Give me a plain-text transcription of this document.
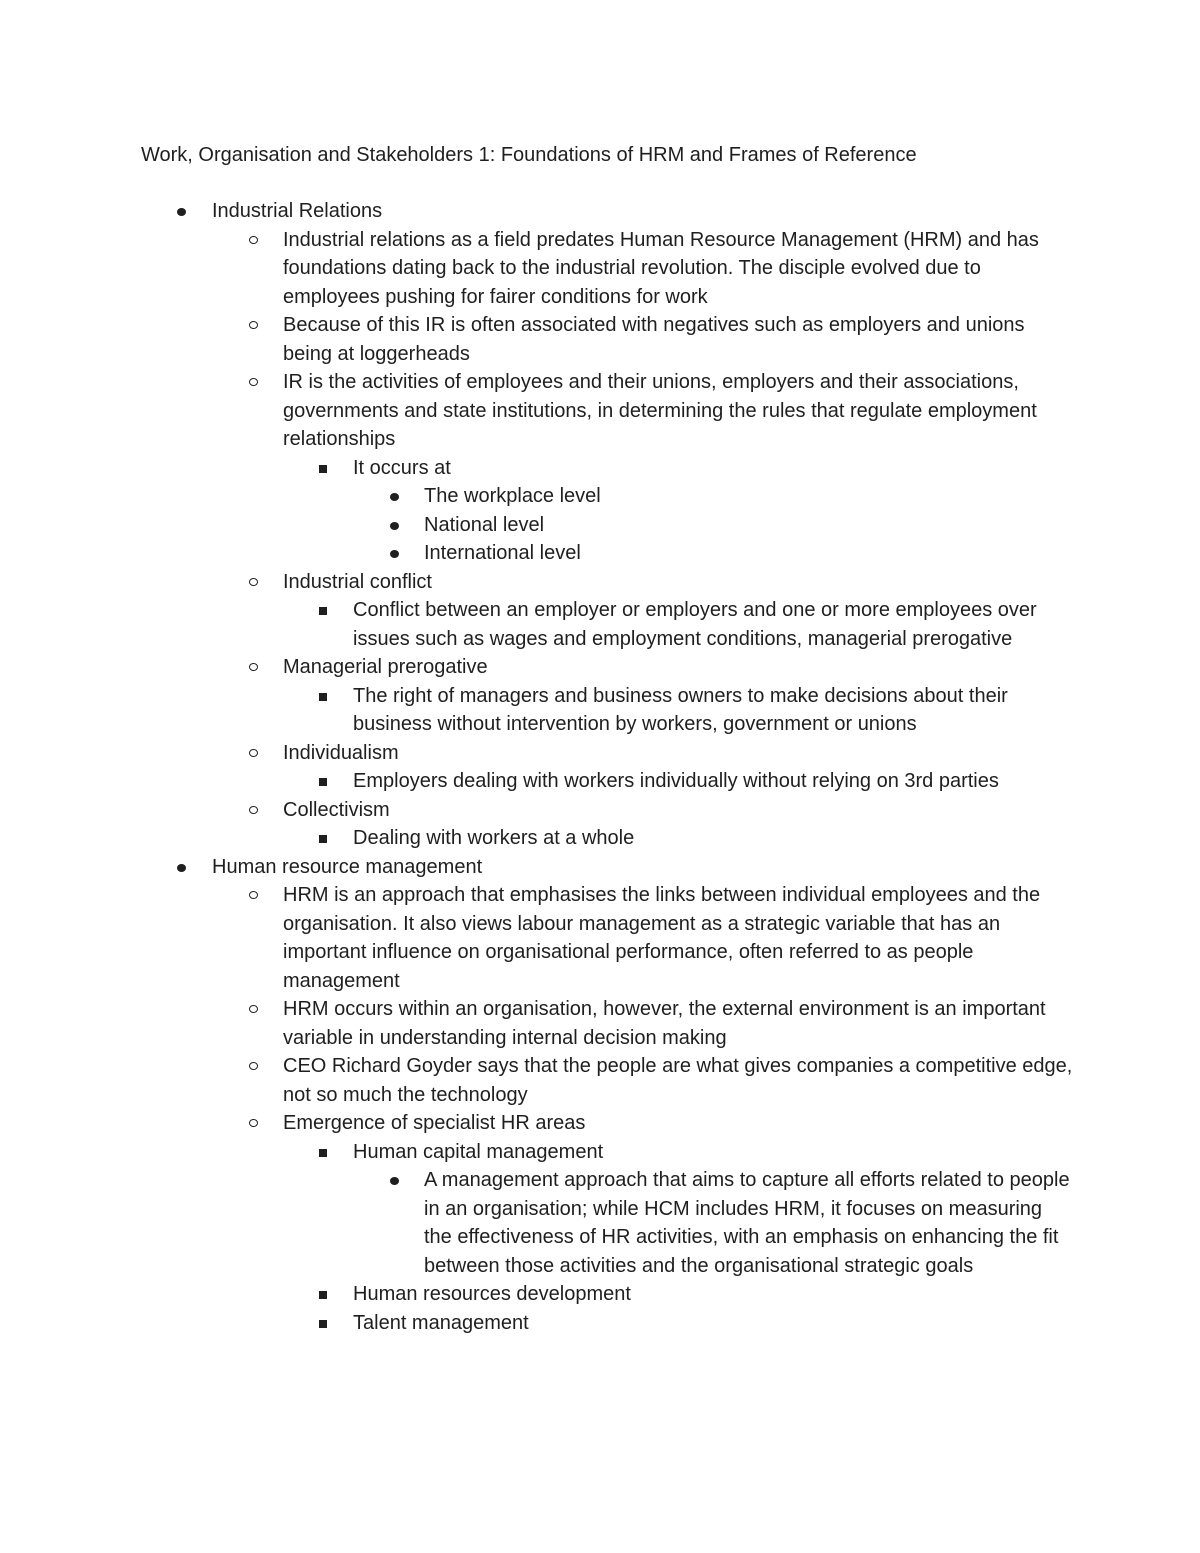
Work, Organisation and Stakeholders 1: Foundations of HRM and Frames of Reference
Industrial Relations
Industrial relations as a field predates Human Resource Management (HRM) and has foundations dating back to the industrial revolution. The disciple evolved due to employees pushing for fairer conditions for work
Because of this IR is often associated with negatives such as employers and unions being at loggerheads
IR is the activities of employees and their unions, employers and their associations, governments and state institutions, in determining the rules that regulate employment relationships
It occurs at
The workplace level
National level
International level
Industrial conflict
Conflict between an employer or employers and one or more employees over issues such as wages and employment conditions, managerial prerogative
Managerial prerogative
The right of managers and business owners to make decisions about their business without intervention by workers, government or unions
Individualism
Employers dealing with workers individually without relying on 3rd parties
Collectivism
Dealing with workers at a whole
Human resource management
HRM is an approach that emphasises the links between individual employees and the organisation. It also views labour management as a strategic variable that has an important influence on organisational performance, often referred to as people management
HRM occurs within an organisation, however, the external environment is an important variable in understanding internal decision making
CEO Richard Goyder says that the people are what gives companies a competitive edge, not so much the technology
Emergence of specialist HR areas
Human capital management
A management approach that aims to capture all efforts related to people in an organisation; while HCM includes HRM, it focuses on measuring the effectiveness of HR activities, with an emphasis on enhancing the fit between those activities and the organisational strategic goals
Human resources development
Talent management
